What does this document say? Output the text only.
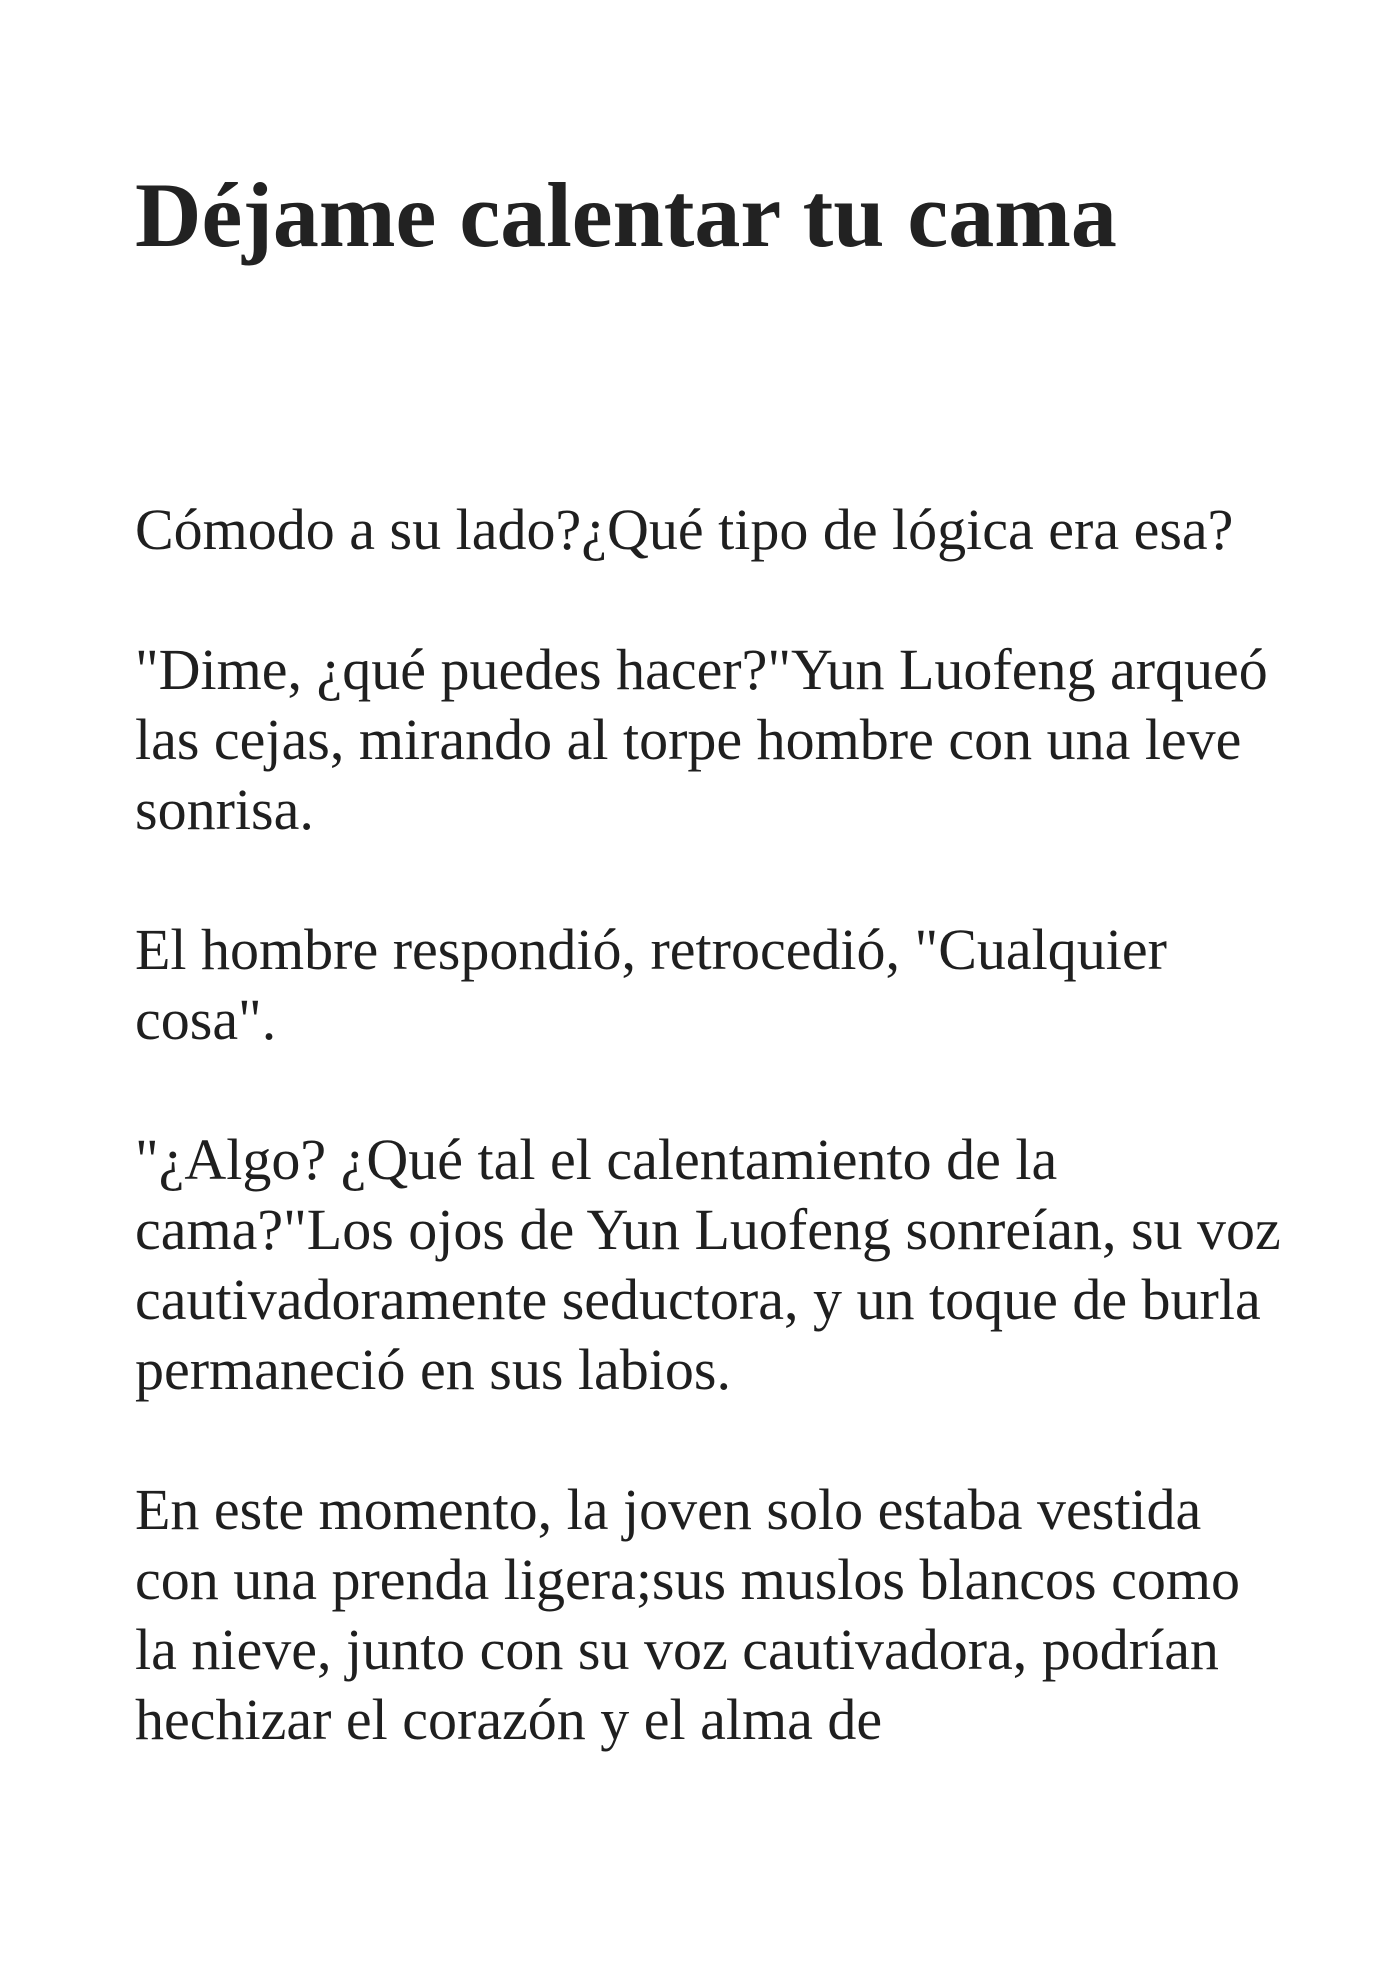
Déjame calentar tu cama

Cómodo a su lado?¿Qué tipo de lógica era esa?

"Dime, ¿qué puedes hacer?"Yun Luofeng arqueó las cejas, mirando al torpe hombre con una leve sonrisa.

El hombre respondió, retrocedió, "Cualquier cosa".

"¿Algo? ¿Qué tal el calentamiento de la cama?"Los ojos de Yun Luofeng sonreían, su voz cautivadoramente seductora, y un toque de burla permaneció en sus labios.

En este momento, la joven solo estaba vestida con una prenda ligera;sus muslos blancos como la nieve, junto con su voz cautivadora, podrían hechizar el corazón y el alma de
